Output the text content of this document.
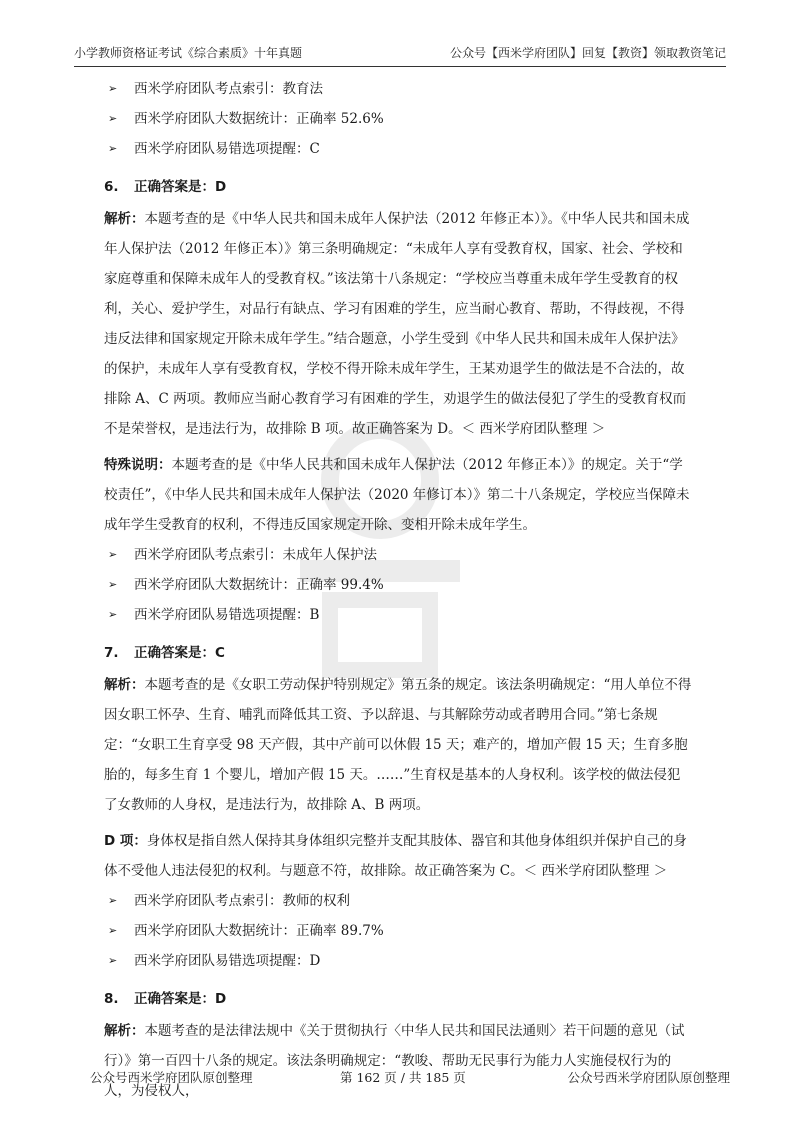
小学教师资格证考试《综合素质》十年真题	公众号【西米学府团队】回复【教资】领取教资笔记
➢ 西米学府团队考点索引：教育法
➢ 西米学府团队大数据统计：正确率 52.6%
➢ 西米学府团队易错选项提醒：C
6. 正确答案是：D
解析：本题考查的是《中华人民共和国未成年人保护法（2012 年修正本）》。《中华人民共和国未成年人保护法（2012 年修正本）》第三条明确规定：“未成年人享有受教育权，国家、社会、学校和家庭尊重和保障未成年人的受教育权。”该法第十八条规定：“学校应当尊重未成年学生受教育的权利，关心、爱护学生，对品行有缺点、学习有困难的学生，应当耐心教育、帮助，不得歧视，不得违反法律和国家规定开除未成年学生。”结合题意，小学生受到《中华人民共和国未成年人保护法》的保护，未成年人享有受教育权，学校不得开除未成年学生，王某劝退学生的做法是不合法的，故排除 A、C 两项。教师应当耐心教育学习有困难的学生，劝退学生的做法侵犯了学生的受教育权而不是荣誉权，是违法行为，故排除 B 项。故正确答案为 D。＜ 西米学府团队整理 ＞
特殊说明：本题考查的是《中华人民共和国未成年人保护法（2012 年修正本）》的规定。关于“学校责任”，《中华人民共和国未成年人保护法（2020 年修订本）》第二十八条规定，学校应当保障未成年学生受教育的权利，不得违反国家规定开除、变相开除未成年学生。
➢ 西米学府团队考点索引：未成年人保护法
➢ 西米学府团队大数据统计：正确率 99.4%
➢ 西米学府团队易错选项提醒：B
7. 正确答案是：C
解析：本题考查的是《女职工劳动保护特别规定》第五条的规定。该法条明确规定：“用人单位不得因女职工怀孕、生育、哺乳而降低其工资、予以辞退、与其解除劳动或者聘用合同。”第七条规定：“女职工生育享受 98 天产假，其中产前可以休假 15 天；难产的，增加产假 15 天；生育多胞胎的，每多生育 1 个婴儿，增加产假 15 天。……”生育权是基本的人身权利。该学校的做法侵犯了女教师的人身权，是违法行为，故排除 A、B 两项。
D 项：身体权是指自然人保持其身体组织完整并支配其肢体、器官和其他身体组织并保护自己的身体不受他人违法侵犯的权利。与题意不符，故排除。故正确答案为 C。＜ 西米学府团队整理 ＞
➢ 西米学府团队考点索引：教师的权利
➢ 西米学府团队大数据统计：正确率 89.7%
➢ 西米学府团队易错选项提醒：D
8. 正确答案是：D
解析：本题考查的是法律法规中《关于贯彻执行〈中华人民共和国民法通则〉若干问题的意见（试行）》第一百四十八条的规定。该法条明确规定：“教唆、帮助无民事行为能力人实施侵权行为的人，为侵权人，
公众号西米学府团队原创整理	第 162 页 / 共 185 页	公众号西米学府团队原创整理
